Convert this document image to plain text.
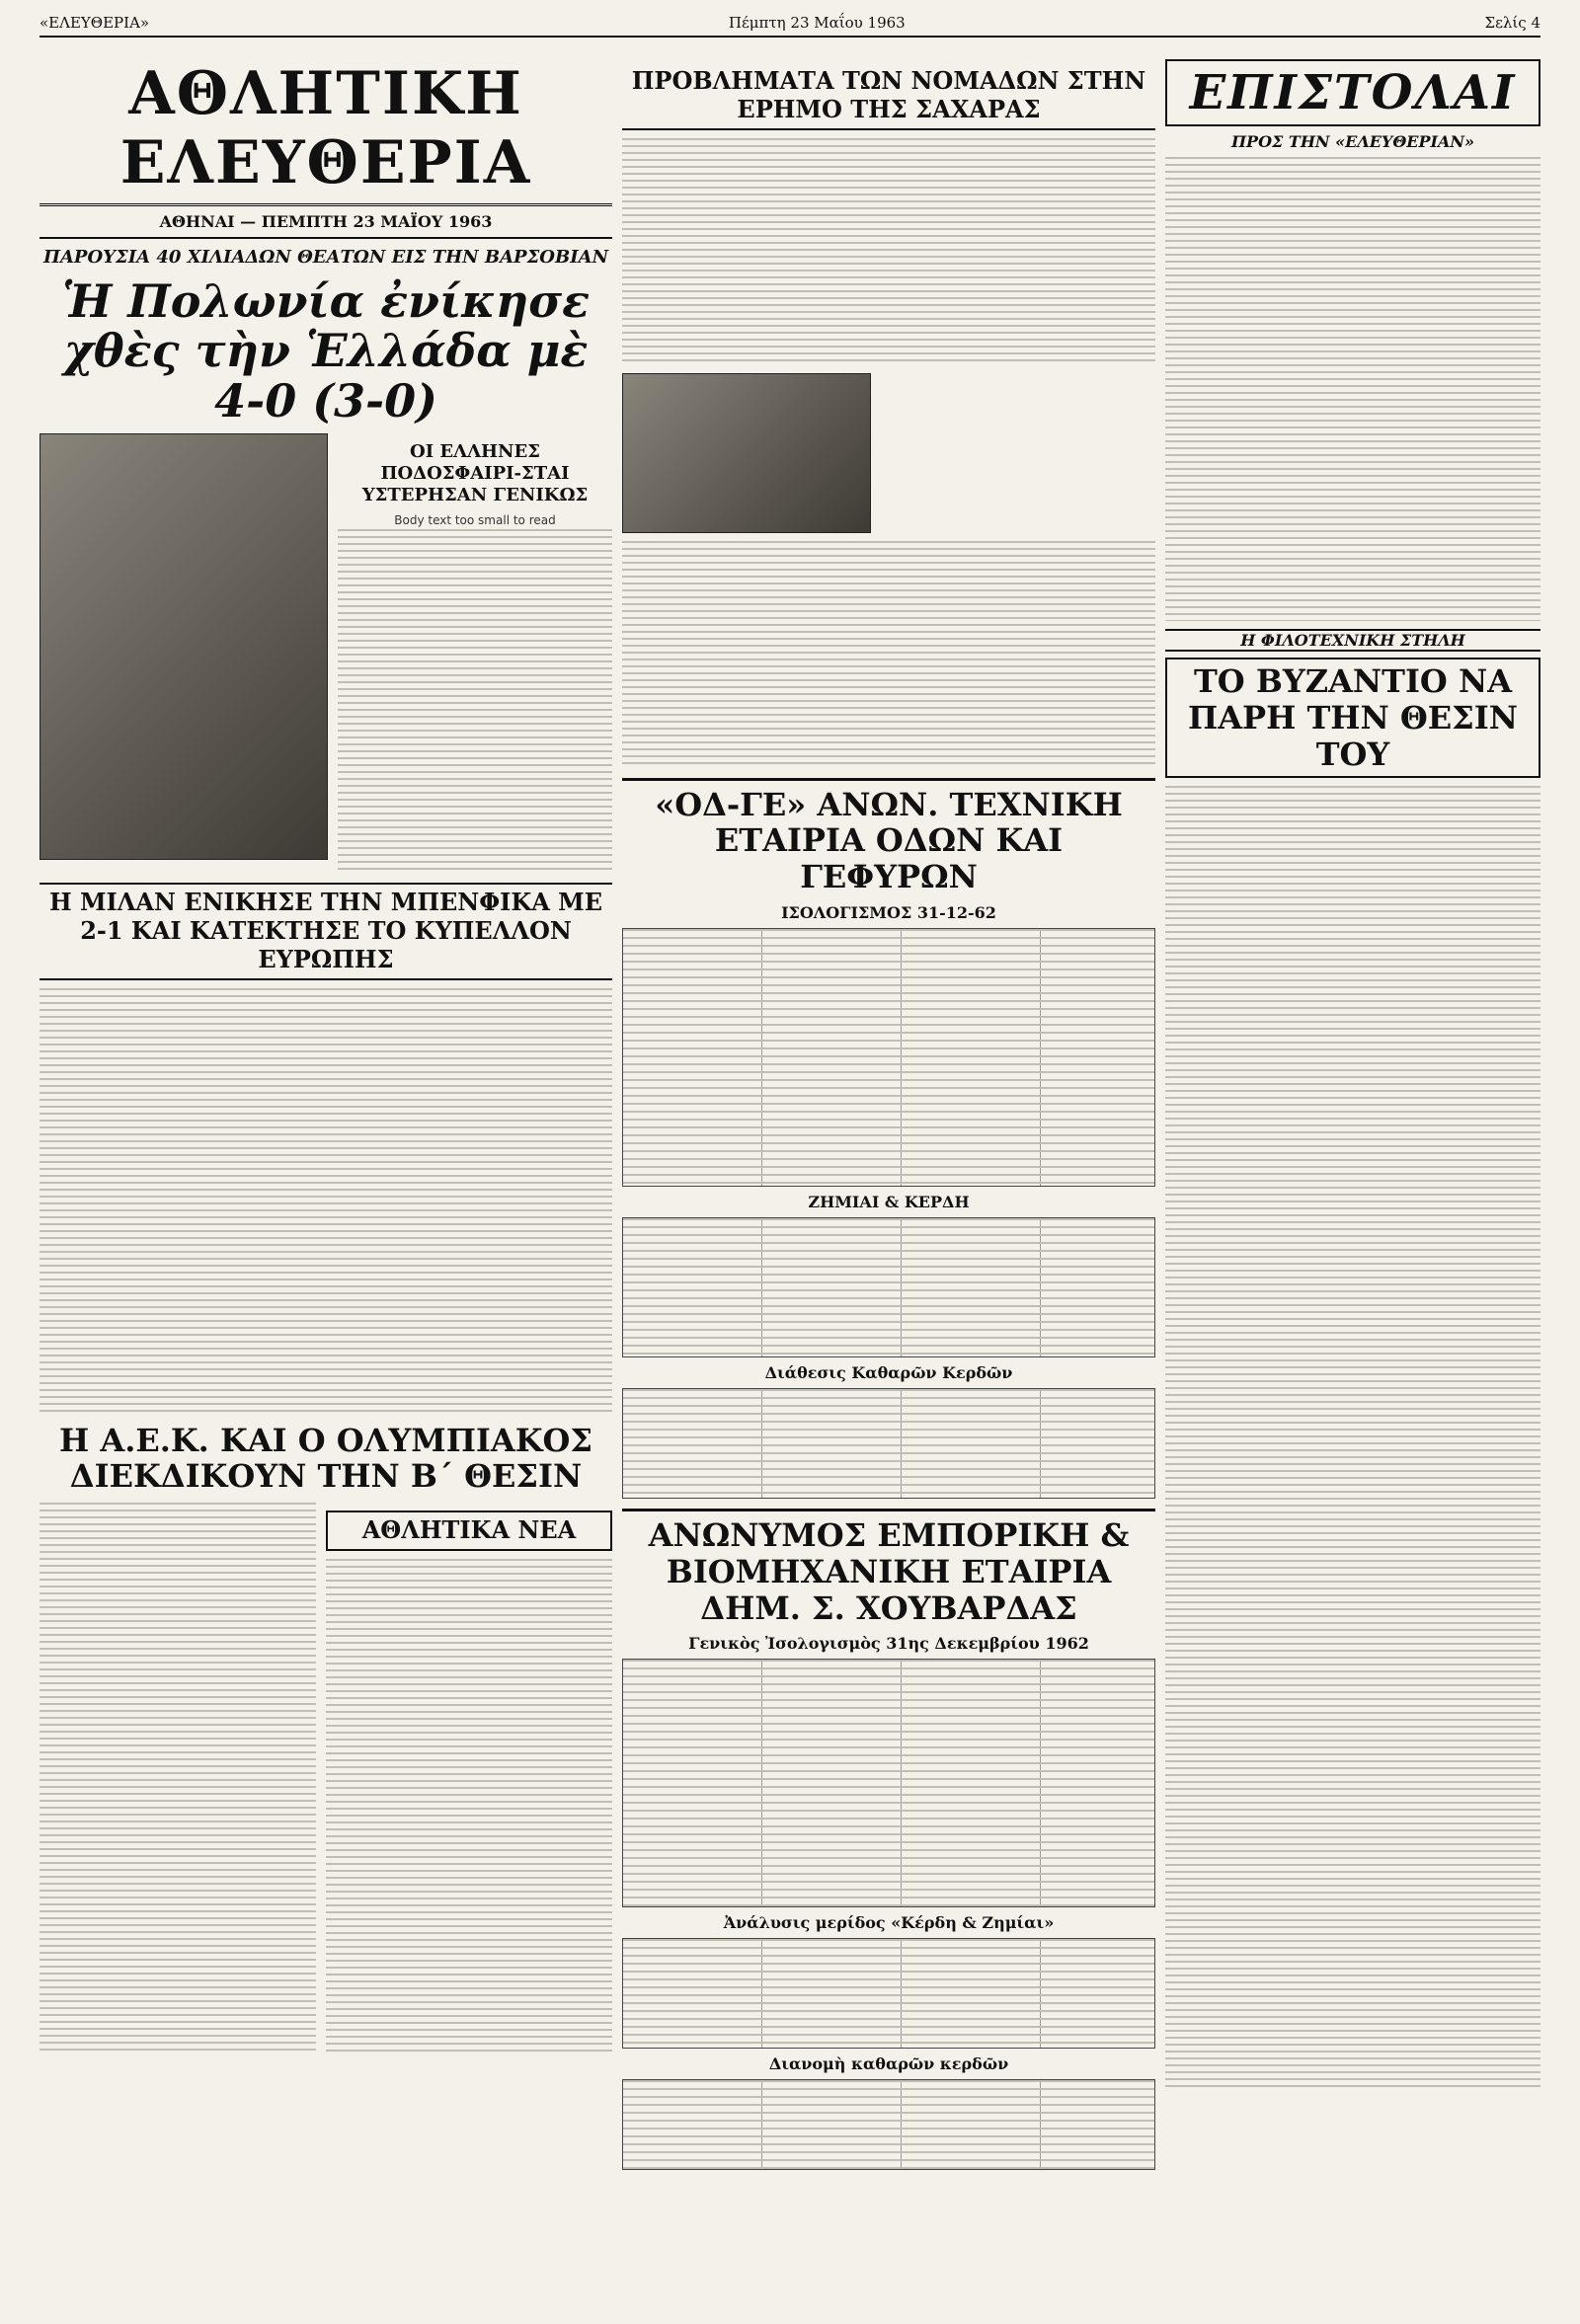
«ΕΛΕΥΘΕΡΙΑ»	Πέμπτη 23 Μαΐου 1963	Σελίς 4
ΑΘΛΗΤΙΚΗ ΕΛΕΥΘΕΡΙΑ
ΑΘΗΝΑΙ — ΠΕΜΠΤΗ 23 ΜΑΪΟΥ 1963
ΠΑΡΟΥΣΙΑ 40 ΧΙΛΙΑΔΩΝ ΘΕΑΤΩΝ ΕΙΣ ΤΗΝ ΒΑΡΣΟΒΙΑΝ
Ἡ Πολωνία ἐνίκησε χθὲς τὴν Ἑλλάδα μὲ 4-0 (3-0)
ΟΙ ΕΛΛΗΝΕΣ ΠΟΔΟΣΦΑΙΡΙ-ΣΤΑΙ ΥΣΤΕΡΗΣΑΝ ΓΕΝΙΚΩΣ
Body text too small to read
Η ΜΙΛΑΝ ΕΝΙΚΗΣΕ ΤΗΝ ΜΠΕΝΦΙΚΑ ΜΕ 2-1 ΚΑΙ ΚΑΤΕΚΤΗΣΕ ΤΟ ΚΥΠΕΛΛΟΝ ΕΥΡΩΠΗΣ
Η Α.Ε.Κ. ΚΑΙ Ο ΟΛΥΜΠΙΑΚΟΣ ΔΙΕΚΔΙΚΟΥΝ ΤΗΝ Β΄ ΘΕΣΙΝ
ΑΘΛΗΤΙΚΑ ΝΕΑ
ΠΡΟΒΛΗΜΑΤΑ ΤΩΝ ΝΟΜΑΔΩΝ ΣΤΗΝ ΕΡΗΜΟ ΤΗΣ ΣΑΧΑΡΑΣ
«ΟΔ-ΓΕ» ΑΝΩΝ. ΤΕΧΝΙΚΗ ΕΤΑΙΡΙΑ ΟΔΩΝ ΚΑΙ ΓΕΦΥΡΩΝ
ΙΣΟΛΟΓΙΣΜΟΣ 31-12-62
ΖΗΜΙΑΙ & ΚΕΡΔΗ
Διάθεσις Καθαρῶν Κερδῶν
ΑΝΩΝΥΜΟΣ ΕΜΠΟΡΙΚΗ & ΒΙΟΜΗΧΑΝΙΚΗ ΕΤΑΙΡΙΑ ΔΗΜ. Σ. ΧΟΥΒΑΡΔΑΣ
Γενικὸς Ἰσολογισμὸς 31ης Δεκεμβρίου 1962
Ἀνάλυσις μερίδος «Κέρδη & Ζημίαι»
Διανομὴ καθαρῶν κερδῶν
ΕΠΙΣΤΟΛΑΙ
ΠΡΟΣ ΤΗΝ «ΕΛΕΥΘΕΡΙΑΝ»
Η ΦΙΛΟΤΕΧΝΙΚΗ ΣΤΗΛΗ
ΤΟ ΒΥΖΑΝΤΙΟ ΝΑ ΠΑΡΗ ΤΗΝ ΘΕΣΙΝ ΤΟΥ
